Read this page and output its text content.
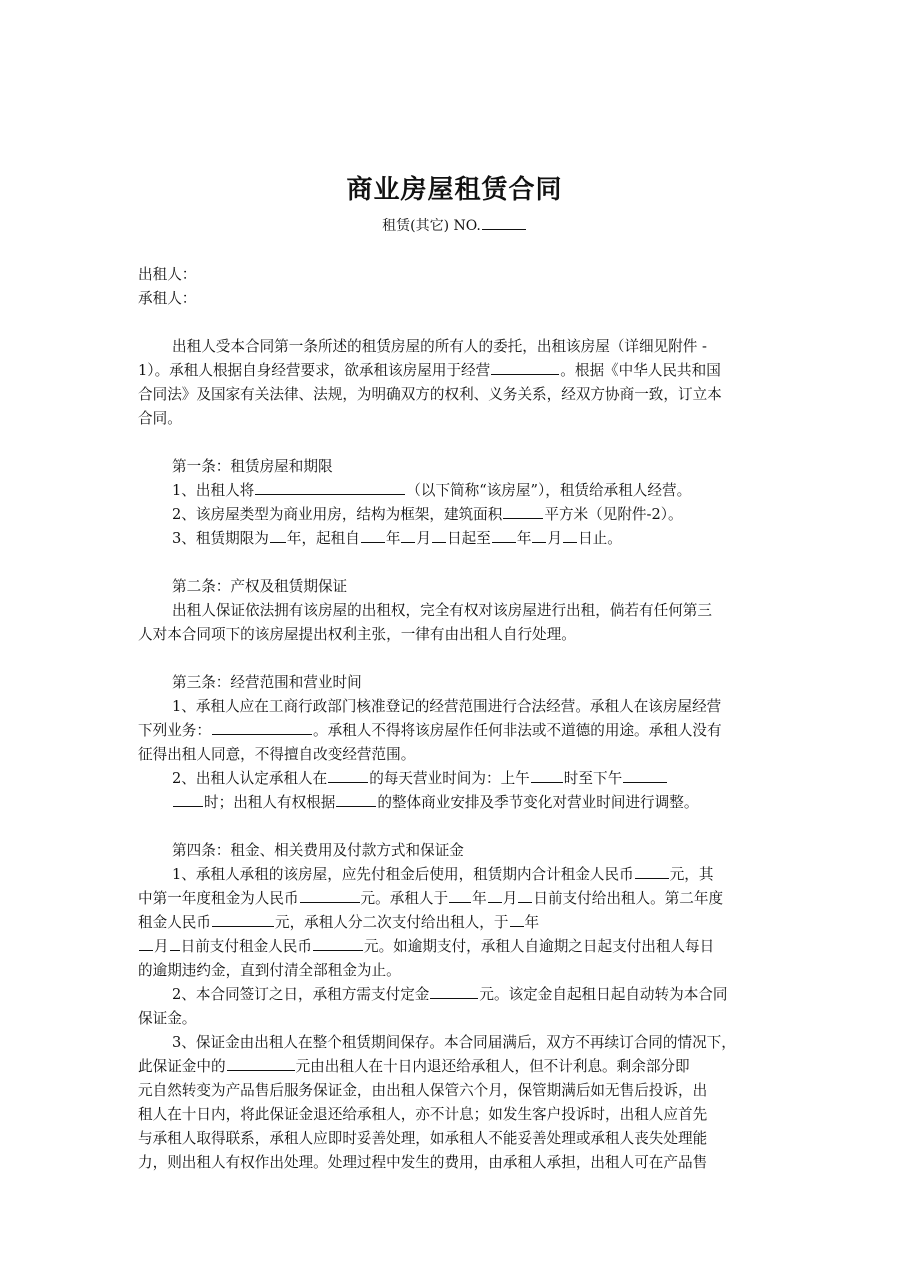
商业房屋租赁合同
租赁(其它) NO.
出租人：
承租人：
出租人受本合同第一条所述的租赁房屋的所有人的委托，出租该房屋（详细见附件 -
1）。承租人根据自身经营要求，欲承租该房屋用于经营	。根据《中华人民共和国
合同法》及国家有关法律、法规，为明确双方的权利、义务关系，经双方协商一致，订立本
合同。
第一条：租赁房屋和期限
1、出租人将	（以下简称“该房屋”），租赁给承租人经营。
2、该房屋类型为商业用房，结构为框架，建筑面积	平方米（见附件-2）。
3、租赁期限为 年，起租自 年 月 日起至 年 月 日止。
第二条：产权及租赁期保证
出租人保证依法拥有该房屋的出租权，完全有权对该房屋进行出租，倘若有任何第三
人对本合同项下的该房屋提出权利主张，一律有由出租人自行处理。
第三条：经营范围和营业时间
1、承租人应在工商行政部门核准登记的经营范围进行合法经营。承租人在该房屋经营
下列业务：	。承租人不得将该房屋作任何非法或不道德的用途。承租人没有
征得出租人同意，不得擅自改变经营范围。
2、出租人认定承租人在	的每天营业时间为：上午 时至下午
时；出租人有权根据	的整体商业安排及季节变化对营业时间进行调整。
第四条：租金、相关费用及付款方式和保证金
1、承租人承租的该房屋，应先付租金后使用，租赁期内合计租金人民币 元，其
中第一年度租金为人民币	元。承租人于 年 月 日前支付给出租人。第二年度
租金人民币	元，承租人分二次支付给出租人，于 年
月 日前支付租金人民币	元。如逾期支付，承租人自逾期之日起支付出租人每日
的逾期违约金，直到付清全部租金为止。
2、本合同签订之日，承租方需支付定金	元。该定金自起租日起自动转为本合同
保证金。
3、保证金由出租人在整个租赁期间保存。本合同届满后，双方不再续订合同的情况下，
此保证金中的	元由出租人在十日内退还给承租人，但不计利息。剩余部分即
元自然转变为产品售后服务保证金，由出租人保管六个月，保管期满后如无售后投诉，出
租人在十日内，将此保证金退还给承租人，亦不计息；如发生客户投诉时，出租人应首先
与承租人取得联系，承租人应即时妥善处理，如承租人不能妥善处理或承租人丧失处理能
力，则出租人有权作出处理。处理过程中发生的费用，由承租人承担，出租人可在产品售
